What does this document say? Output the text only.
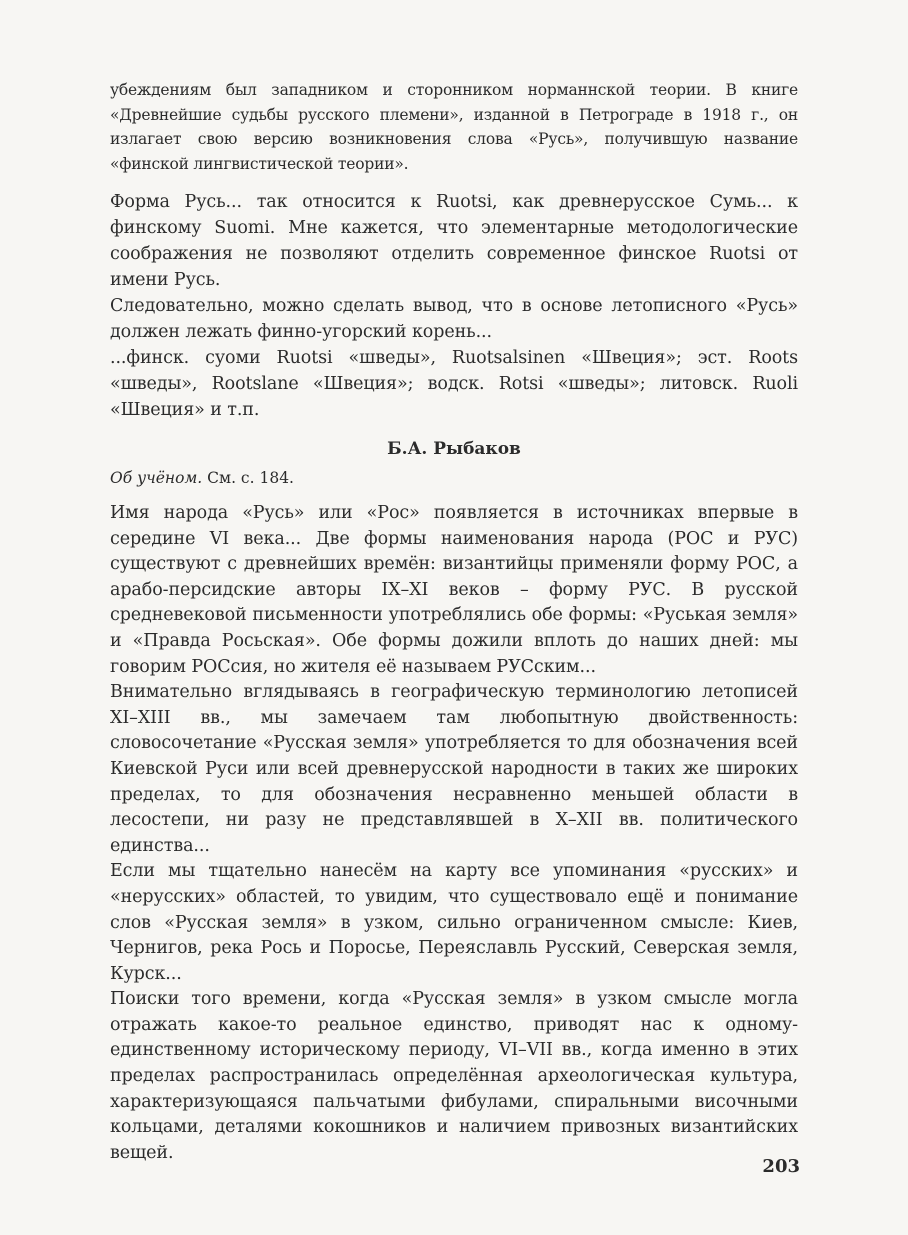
убеждениям был западником и сторонником норманнской теории. В книге «Древнейшие судьбы русского племени», изданной в Петрограде в 1918 г., он излагает свою версию возникновения слова «Русь», получившую название «финской лингвистической теории».

Форма Русь... так относится к Ruotsi, как древнерусское Сумь... к финскому Suomi. Мне кажется, что элементарные методологические соображения не позволяют отделить современное финское Ruotsi от имени Русь.

Следовательно, можно сделать вывод, что в основе летописного «Русь» должен лежать финно-угорский корень...

...финск. суоми Ruotsi «шведы», Ruotsalsinen «Швеция»; эст. Roots «шведы», Rootslane «Швеция»; водск. Rotsi «шведы»; литовск. Ruoli «Швеция» и т.п.

Б.А. Рыбаков

Об учёном. См. с. 184.

Имя народа «Русь» или «Рос» появляется в источниках впервые в середине VI века... Две формы наименования народа (РОС и РУС) существуют с древнейших времён: византийцы применяли форму РОС, а арабо-персидские авторы IX–XI веков – форму РУС. В русской средневековой письменности употреблялись обе формы: «Руськая земля» и «Правда Росьская». Обе формы дожили вплоть до наших дней: мы говорим РОСсия, но жителя её называем РУСским...

Внимательно вглядываясь в географическую терминологию летописей XI–XIII вв., мы замечаем там любопытную двойственность: словосочетание «Русская земля» употребляется то для обозначения всей Киевской Руси или всей древнерусской народности в таких же широких пределах, то для обозначения несравненно меньшей области в лесостепи, ни разу не представлявшей в X–XII вв. политического единства...

Если мы тщательно нанесём на карту все упоминания «русских» и «нерусских» областей, то увидим, что существовало ещё и понимание слов «Русская земля» в узком, сильно ограниченном смысле: Киев, Чернигов, река Рось и Поросье, Переяславль Русский, Северская земля, Курск...

Поиски того времени, когда «Русская земля» в узком смысле могла отражать какое-то реальное единство, приводят нас к одному-единственному историческому периоду, VI–VII вв., когда именно в этих пределах распространилась определённая археологическая культура, характеризующаяся пальчатыми фибулами, спиральными височными кольцами, деталями кокошников и наличием привозных византийских вещей.

203
